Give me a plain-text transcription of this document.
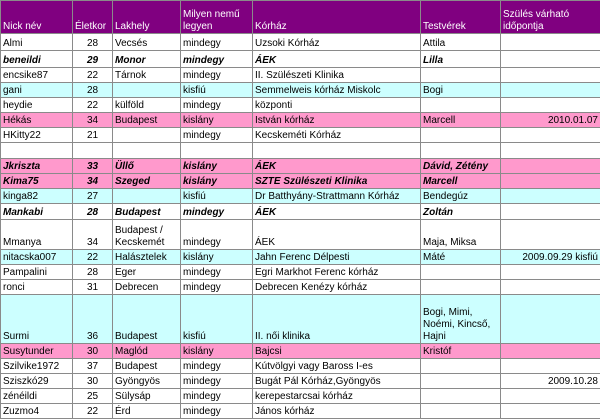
Nick név	Életkor	Lakhely	Milyen nemű legyen	Kórház	Testvérek	Szülés várható időpontja
Almi	28	Vecsés	mindegy	Uzsoki Kórház	Attila	
beneildi	29	Monor	mindegy	ÁEK	Lilla	
encsike87	22	Tárnok	mindegy	II. Szülészeti Klinika		
gani	28		kisfiú	Semmelweis kórház Miskolc	Bogi	
heydie	22	külföld	mindegy	központi		
Hékás	34	Budapest	kislány	István kórház	Marcell	2010.01.07
HKitty22	21		mindegy	Kecskeméti Kórház		

Jkriszta	33	Üllő	kislány	ÁEK	Dávid, Zétény	
Kima75	34	Szeged	kislány	SZTE Szülészeti Klinika	Marcell	
kinga82	27		kisfiú	Dr Batthyány-Strattmann Kórház	Bendegúz	
Mankabi	28	Budapest	mindegy	ÁEK	Zoltán	
Mmanya	34	Budapest / Kecskemét	mindegy	ÁEK	Maja, Miksa	
nitacska007	22	Halásztelek	kislány	Jahn Ferenc Délpesti	Máté	2009.09.29 kisfiú
Pampalini	28	Eger	mindegy	Egri Markhot Ferenc kórház		
ronci	31	Debrecen	mindegy	Debrecen Kenézy kórház		
Surmi	36	Budapest	kisfiú	II. női klinika	Bogi, Mimi, Noémi, Kincső, Hajni	
Susytunder	30	Maglód	kislány	Bajcsi	Kristóf	
Szilvike1972	37	Budapest	mindegy	Kútvölgyi vagy Baross I-es		
Sziszkó29	30	Gyöngyös	mindegy	Bugát Pál Kórház,Gyöngyös		2009.10.28
zénéildi	25	Sülysáp	mindegy	kerepestarcsai kórház		
Zuzmo4	22	Érd	mindegy	János kórház		
